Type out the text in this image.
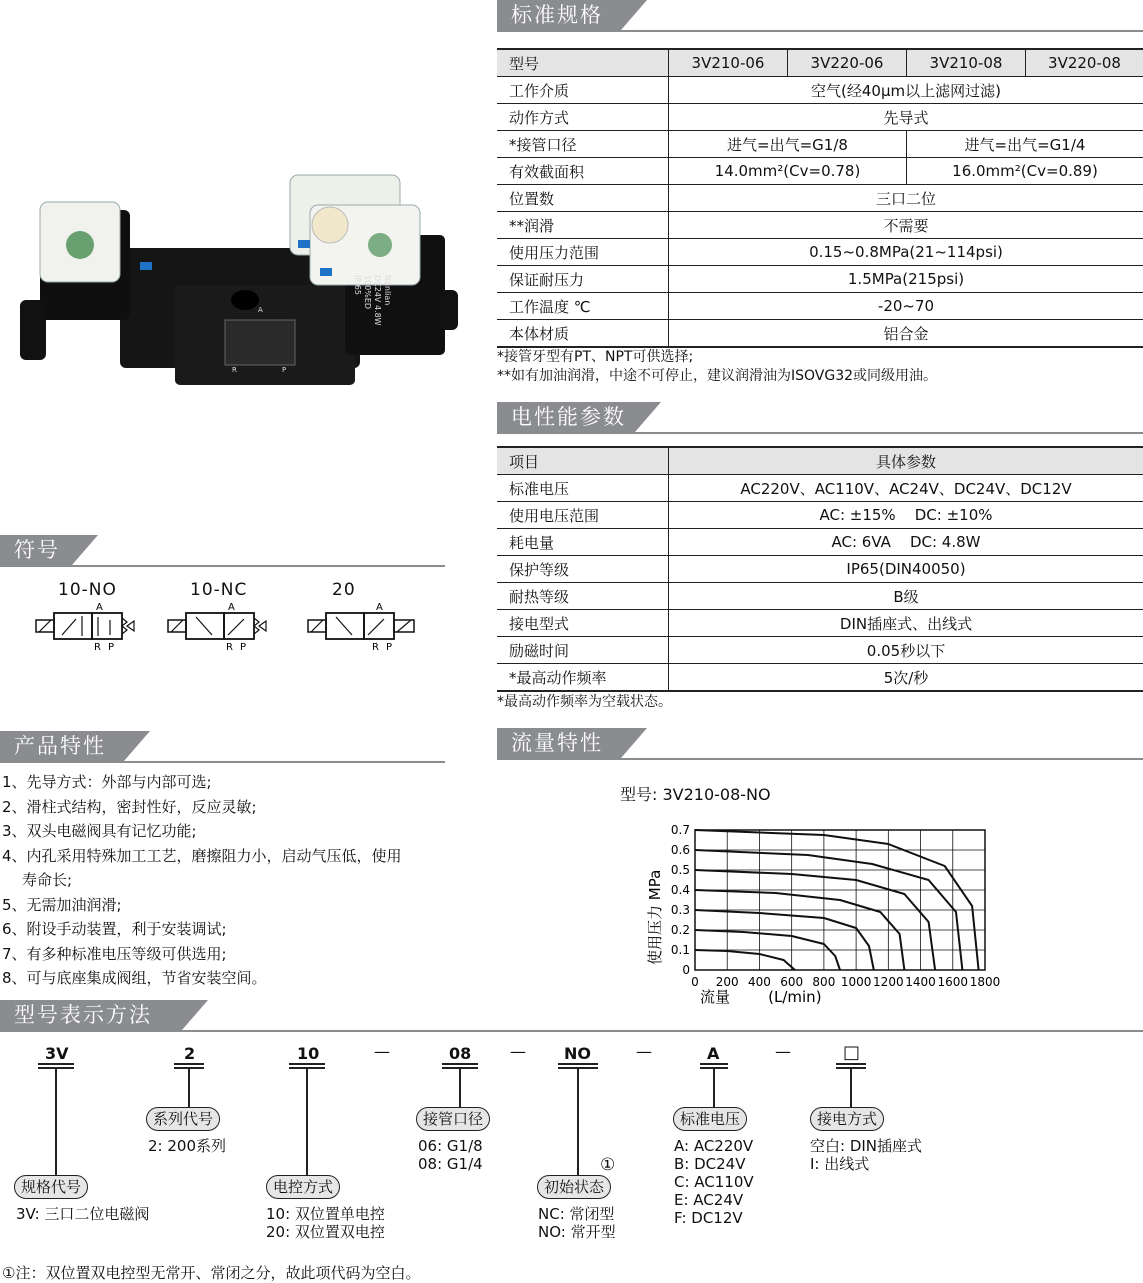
A
R	P
Nanlian
DC24V 4.8W
100%ED
IP 65
标准规格
型号	3V210-06	3V220-06	3V210-08	3V220-08
工作介质	空气(经40μm以上滤网过滤)			
动作方式	先导式			
*接管口径	进气=出气=G1/8		进气=出气=G1/4	
有效截面积	14.0mm²(Cv=0.78)		16.0mm²(Cv=0.89)	
位置数	三口二位			
**润滑	不需要			
使用压力范围	0.15~0.8MPa(21~114psi)			
保证耐压力	1.5MPa(215psi)			
工作温度 ℃	-20~70			
本体材质	铝合金			
*接管牙型有PT、NPT可供选择;
**如有加油润滑，中途不可停止，建议润滑油为ISOVG32或同级用油。
电性能参数
项目	具体参数
标准电压	AC220V、AC110V、AC24V、DC24V、DC12V
使用电压范围	AC: ±15%    DC: ±10%
耗电量	AC: 6VA    DC: 4.8W
保护等级	IP65(DIN40050)
耐热等级	B级
接电型式	DIN插座式、出线式
励磁时间	0.05秒以下
*最高动作频率	5次/秒
*最高动作频率为空载状态。
符号
10-NO	10-NC	20
A
R P
A
R P
A
R P
产品特性
1、先导方式：外部与内部可选;
2、滑柱式结构，密封性好，反应灵敏;
3、双头电磁阀具有记忆功能;
4、内孔采用特殊加工工艺，磨擦阻力小，启动气压低，使用
寿命长;
5、无需加油润滑;
6、附设手动装置，利于安装调试;
7、有多种标准电压等级可供选用;
8、可与底座集成阀组，节省安装空间。
流量特性
型号: 3V210-08-NO
0 200 400 600 800 1000 1200 1400 1600 1800
0
0.1
0.2
0.3
0.4
0.5
0.6
0.7
使用压力 MPa
流量        (L/min)
型号表示方法
3V	2	10	—	08 — NO	—	A	—	□
系列代号	接管口径	标准电压	接电方式
规格代号	电控方式	初始状态
①
2: 200系列	06: G1/8
08: G1/4
A: AC220V
B: DC24V
C: AC110V
E: AC24V
F: DC12V
空白: DIN插座式
I: 出线式
3V: 三口二位电磁阀	10: 双位置单电控
20: 双位置双电控
NC: 常闭型
NO: 常开型
①注：双位置双电控型无常开、常闭之分，故此项代码为空白。
